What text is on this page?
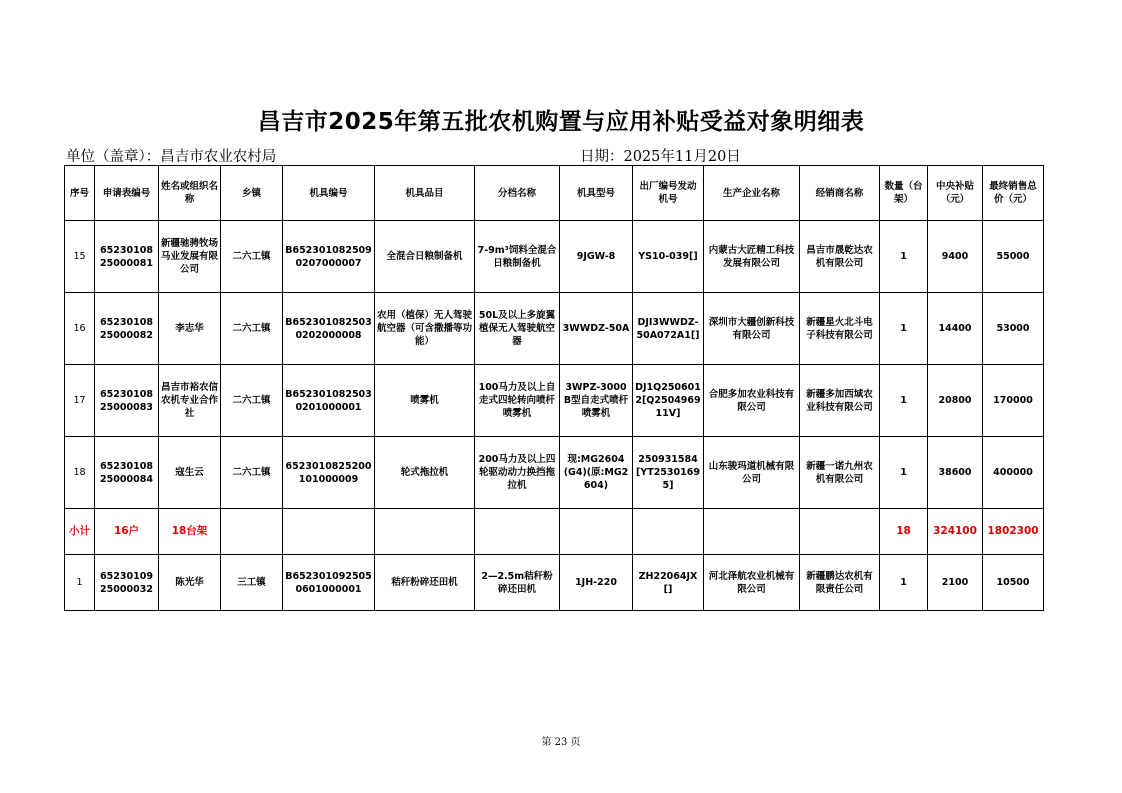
昌吉市2025年第五批农机购置与应用补贴受益对象明细表
单位（盖章）：昌吉市农业农村局	日期：2025年11月20日
序号	申请表编号	姓名或组织名称	乡镇	机具编号	机具品目	分档名称	机具型号	出厂编号发动机号	生产企业名称	经销商名称	数量（台架）	中央补贴（元）	最终销售总价（元）
15	6523010825000081	新疆驰骋牧场马业发展有限公司	二六工镇	B6523010825090207000007	全混合日粮制备机	7-9m³饲料全混合日粮制备机	9JGW-8	YS10-039[]	内蒙古大匠精工科技发展有限公司	昌吉市晟乾达农机有限公司	1	9400	55000
16	6523010825000082	李志华	二六工镇	B6523010825030202000008	农用（植保）无人驾驶航空器（可含撒播等功能）	50L及以上多旋翼植保无人驾驶航空器	3WWDZ-50A	DJI3WWDZ-50A072A1[]	深圳市大疆创新科技有限公司	新疆星火北斗电子科技有限公司	1	14400	53000
17	6523010825000083	昌吉市裕农信农机专业合作社	二六工镇	B6523010825030201000001	喷雾机	100马力及以上自走式四轮转向喷杆喷雾机	3WPZ-3000B型自走式喷杆喷雾机	DJ1Q2506012[Q250496911V]	合肥多加农业科技有限公司	新疆多加西域农业科技有限公司	1	20800	170000
18	6523010825000084	寇生云	二六工镇	6523010825200101000009	轮式拖拉机	200马力及以上四轮驱动动力换挡拖拉机	现:MG2604(G4)(原:MG2604)	250931584[YT25301695]	山东骏玛道机械有限公司	新疆一诺九州农机有限公司	1	38600	400000
小计	16户	18台架									18	324100	1802300
1	6523010925000032	陈光华	三工镇	B6523010925050601000001	秸秆粉碎还田机	2—2.5m秸秆粉碎还田机	1JH-220	ZH22064JX[]	河北泽航农业机械有限公司	新疆鹏达农机有限责任公司	1	2100	10500
第 23 页
